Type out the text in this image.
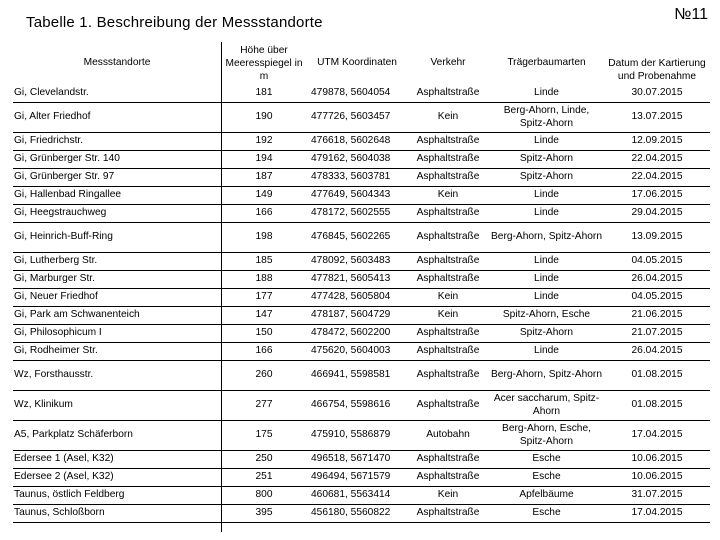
Tabelle 1. Beschreibung der Messstandorte	№11
Messstandorte	Höhe über Meeresspiegel in m	UTM Koordinaten	Verkehr	Trägerbaumarten	Datum der Kartierung und Probenahme
Gi, Clevelandstr.	181	479878, 5604054	Asphaltstraße	Linde	30.07.2015
Gi, Alter Friedhof	190	477726, 5603457	Kein	Berg-Ahorn, Linde, Spitz-Ahorn	13.07.2015
Gi, Friedrichstr.	192	476618, 5602648	Asphaltstraße	Linde	12.09.2015
Gi, Grünberger Str. 140	194	479162, 5604038	Asphaltstraße	Spitz-Ahorn	22.04.2015
Gi, Grünberger Str. 97	187	478333, 5603781	Asphaltstraße	Spitz-Ahorn	22.04.2015
Gi, Hallenbad Ringallee	149	477649, 5604343	Kein	Linde	17.06.2015
Gi, Heegstrauchweg	166	478172, 5602555	Asphaltstraße	Linde	29.04.2015
Gi, Heinrich-Buff-Ring	198	476845, 5602265	Asphaltstraße	Berg-Ahorn, Spitz-Ahorn	13.09.2015
Gi, Lutherberg Str.	185	478092, 5603483	Asphaltstraße	Linde	04.05.2015
Gi, Marburger Str.	188	477821, 5605413	Asphaltstraße	Linde	26.04.2015
Gi, Neuer Friedhof	177	477428, 5605804	Kein	Linde	04.05.2015
Gi, Park am Schwanenteich	147	478187, 5604729	Kein	Spitz-Ahorn, Esche	21.06.2015
Gi, Philosophicum I	150	478472, 5602200	Asphaltstraße	Spitz-Ahorn	21.07.2015
Gi, Rodheimer Str.	166	475620, 5604003	Asphaltstraße	Linde	26.04.2015
Wz, Forsthausstr.	260	466941, 5598581	Asphaltstraße	Berg-Ahorn, Spitz-Ahorn	01.08.2015
Wz, Klinikum	277	466754, 5598616	Asphaltstraße	Acer saccharum, Spitz-Ahorn	01.08.2015
A5, Parkplatz Schäferborn	175	475910, 5586879	Autobahn	Berg-Ahorn, Esche, Spitz-Ahorn	17.04.2015
Edersee 1 (Asel, K32)	250	496518, 5671470	Asphaltstraße	Esche	10.06.2015
Edersee 2 (Asel, K32)	251	496494, 5671579	Asphaltstraße	Esche	10.06.2015
Taunus, östlich Feldberg	800	460681, 5563414	Kein	Apfelbäume	31.07.2015
Taunus, Schloßborn	395	456180, 5560822	Asphaltstraße	Esche	17.04.2015
